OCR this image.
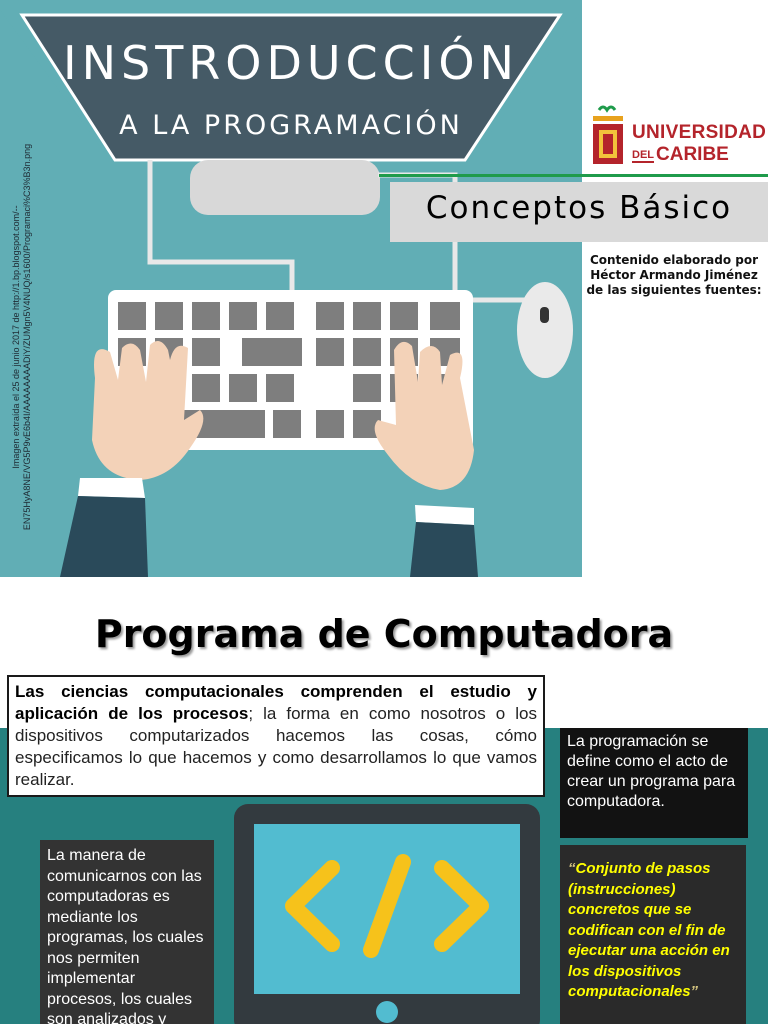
INSTRODUCCIÓN
A LA PROGRAMACIÓN
Imagen extraída el 25 de junio 2017 de http://1.bp.blogspot.com/--EN75HyA8NE/VG5P9vE6b4I/AAAAAAAADiY/ZUMgn5V4NUQ/s1600/Programaci%C3%B3n.png
UNIVERSIDAD
DEL CARIBE
Conceptos Básico
Contenido elaborado por
Héctor Armando Jiménez
de las siguientes fuentes:
Programa de Computadora
Las ciencias computacionales comprenden el estudio y aplicación de los procesos; la forma en como nosotros o los dispositivos computarizados hacemos las cosas, cómo especificamos lo que hacemos y como desarrollamos lo que vamos realizar.
La programación se define como el acto de crear un programa para computadora.
“Conjunto de pasos (instrucciones) concretos que se codifican con el fin de ejecutar una acción en los dispositivos computacionales”
La manera de comunicarnos con las computadoras es mediante los programas, los cuales nos permiten implementar procesos, los cuales son analizados y
